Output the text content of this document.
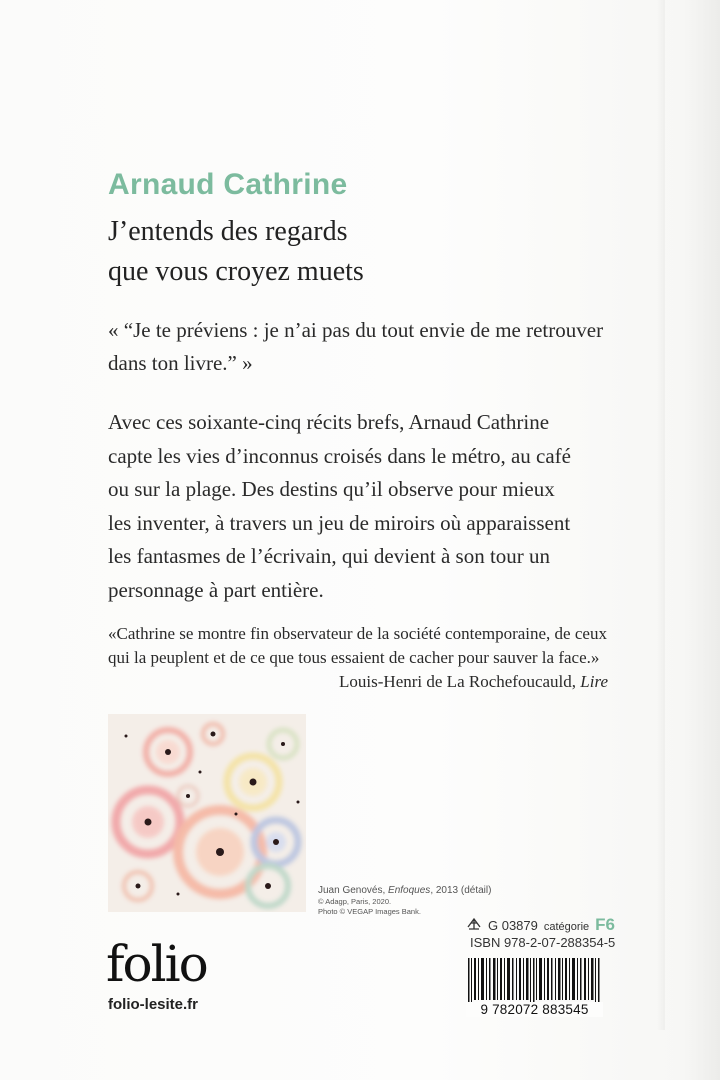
Arnaud Cathrine
J’entends des regards
que vous croyez muets
« “Je te préviens : je n’ai pas du tout envie de me retrouver
dans ton livre.” »
Avec ces soixante-cinq récits brefs, Arnaud Cathrine
capte les vies d’inconnus croisés dans le métro, au café
ou sur la plage. Des destins qu’il observe pour mieux
les inventer, à travers un jeu de miroirs où apparaissent
les fantasmes de l’écrivain, qui devient à son tour un
personnage à part entière.
«Cathrine se montre fin observateur de la société contemporaine, de ceux
qui la peuplent et de ce que tous essaient de cacher pour sauver la face.»
Louis-Henri de La Rochefoucauld, Lire
Juan Genovés, Enfoques, 2013 (détail)
© Adagp, Paris, 2020.
Photo © VEGAP Images Bank.
G 03879 catégorie F6
ISBN 978-2-07-288354-5
9 782072 883545
folio
folio-lesite.fr
